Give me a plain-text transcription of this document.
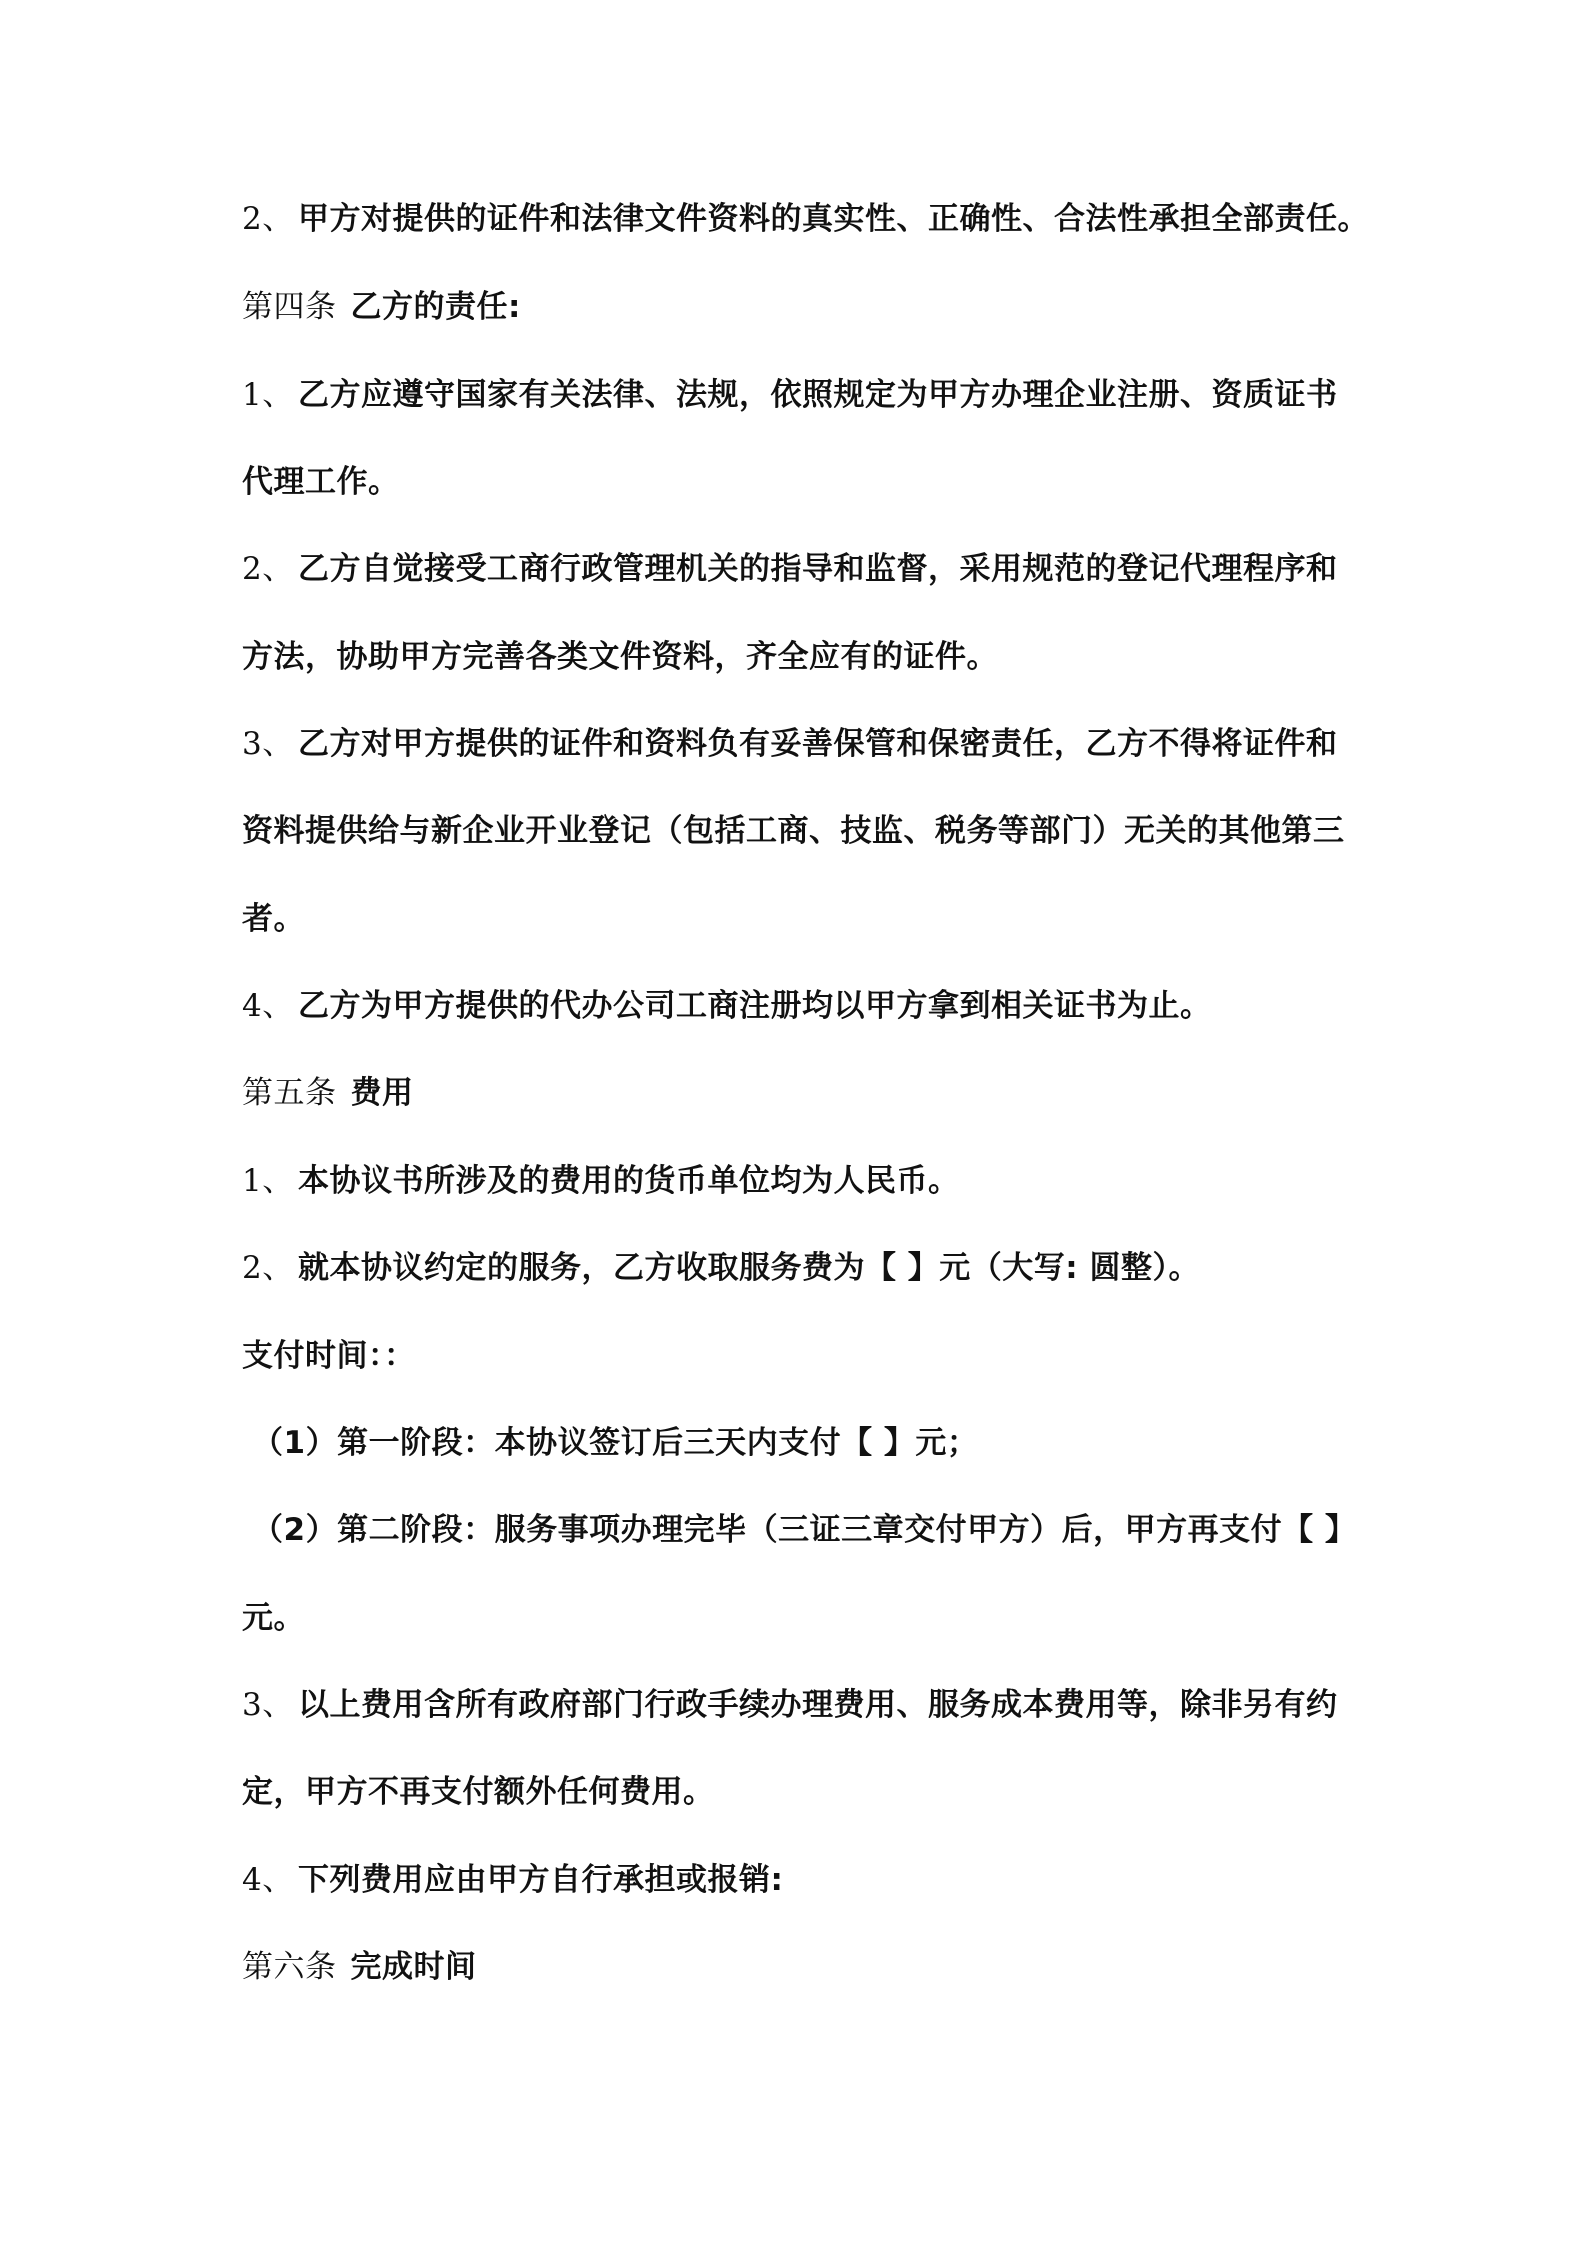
2、 甲方对提供的证件和法律文件资料的真实性、正确性、合法性承担全部责任。
第四条 乙方的责任:
1、 乙方应遵守国家有关法律、法规，依照规定为甲方办理企业注册、资质证书
代理工作。
2、 乙方自觉接受工商行政管理机关的指导和监督，采用规范的登记代理程序和
方法，协助甲方完善各类文件资料，齐全应有的证件。
3、 乙方对甲方提供的证件和资料负有妥善保管和保密责任，乙方不得将证件和
资料提供给与新企业开业登记（包括工商、技监、税务等部门）无关的其他第三
者。
4、 乙方为甲方提供的代办公司工商注册均以甲方拿到相关证书为止。
第五条 费用
1、 本协议书所涉及的费用的货币单位均为人民币。
2、 就本协议约定的服务，乙方收取服务费为【 】元（大写: 圆整）。
支付时间：：
（1）第一阶段：本协议签订后三天内支付【 】元；
（2）第二阶段：服务事项办理完毕（三证三章交付甲方）后，甲方再支付【 】
元。
3、 以上费用含所有政府部门行政手续办理费用、服务成本费用等，除非另有约
定，甲方不再支付额外任何费用。
4、 下列费用应由甲方自行承担或报销:
第六条 完成时间
